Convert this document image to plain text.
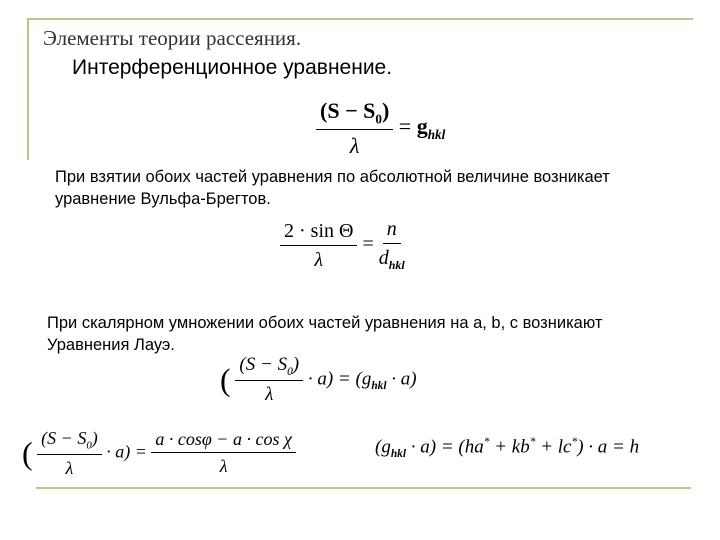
Элементы теории рассеяния.
Интерференционное уравнение.
$\frac{(S - S_0)}{\lambda} = g_{hkl}$
При взятии обоих частей уравнения по абсолютной величине возникает
уравнение Вульфа-Брегтов.
$\frac{\text{2 · sin Θ}}{\lambda} = \frac{n}{d_{hkl}}$
При скалярном умножении обоих частей уравнения на a, b, c возникают
Уравнения Лауэ.
( $\frac{(S - S_0)}{\lambda} \cdot a) = (g_{hkl} \cdot a)$
( $\frac{(S - S_0)}{\lambda} \cdot a) = \frac{\text{a · cosφ − a · cos χ}}{\lambda}$	$(g_{hkl} \cdot a) = (ha^* + kb^* + lc^*) \cdot a = h$
